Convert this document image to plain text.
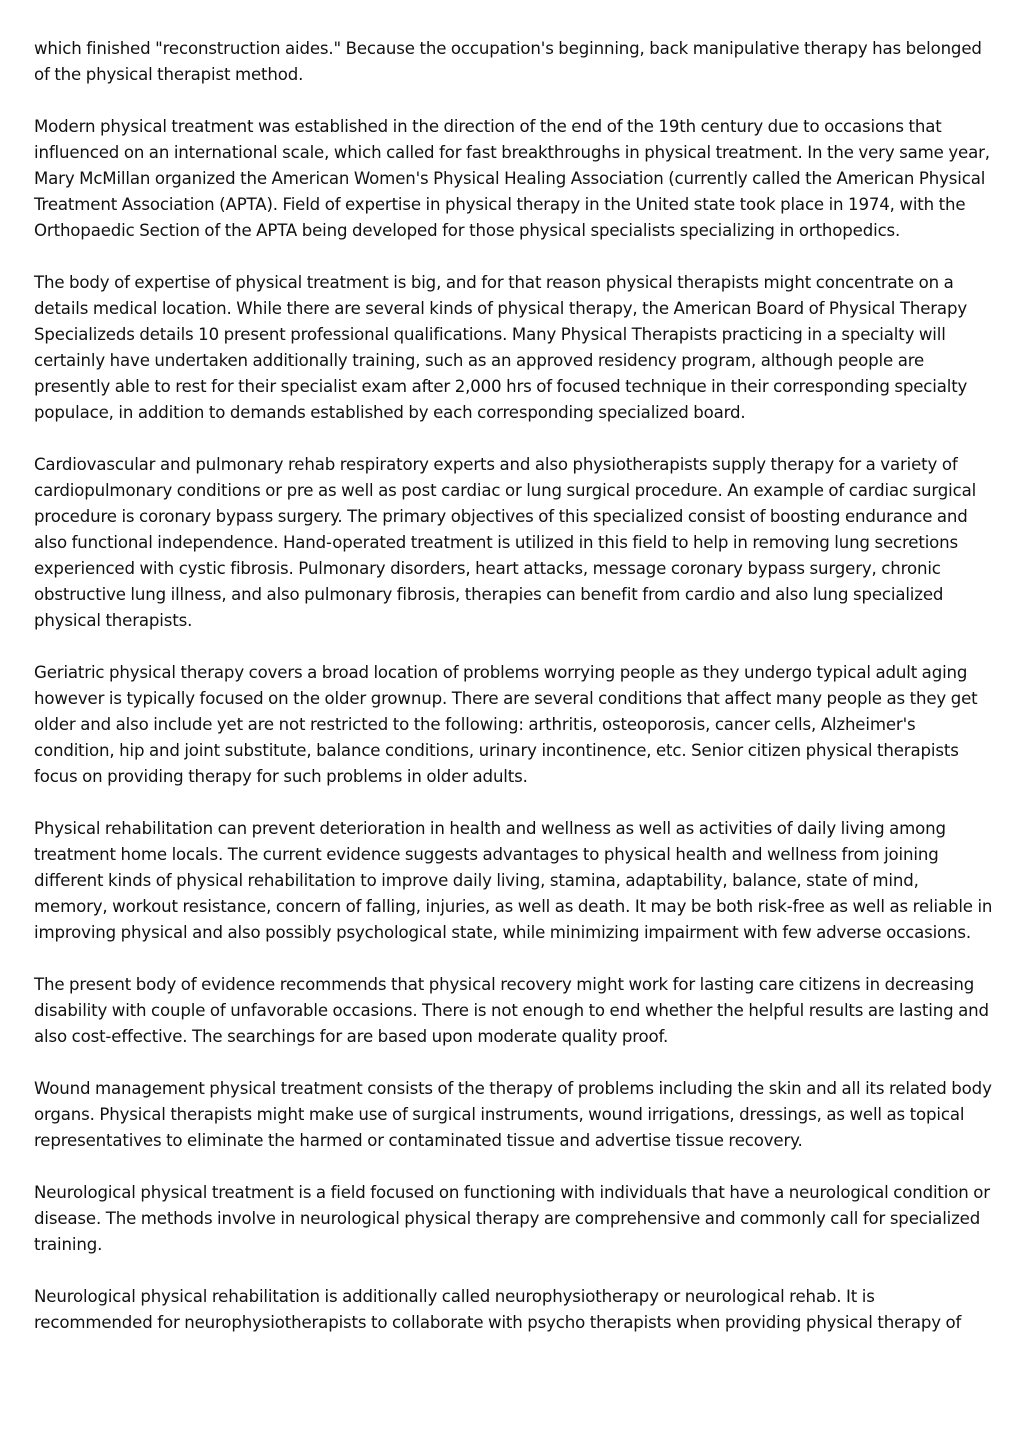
which finished "reconstruction aides." Because the occupation's beginning, back manipulative therapy has belonged of the physical therapist method.

Modern physical treatment was established in the direction of the end of the 19th century due to occasions that influenced on an international scale, which called for fast breakthroughs in physical treatment. In the very same year, Mary McMillan organized the American Women's Physical Healing Association (currently called the American Physical Treatment Association (APTA). Field of expertise in physical therapy in the United state took place in 1974, with the Orthopaedic Section of the APTA being developed for those physical specialists specializing in orthopedics.

The body of expertise of physical treatment is big, and for that reason physical therapists might concentrate on a details medical location. While there are several kinds of physical therapy, the American Board of Physical Therapy Specializeds details 10 present professional qualifications. Many Physical Therapists practicing in a specialty will certainly have undertaken additionally training, such as an approved residency program, although people are presently able to rest for their specialist exam after 2,000 hrs of focused technique in their corresponding specialty populace, in addition to demands established by each corresponding specialized board.

Cardiovascular and pulmonary rehab respiratory experts and also physiotherapists supply therapy for a variety of cardiopulmonary conditions or pre as well as post cardiac or lung surgical procedure. An example of cardiac surgical procedure is coronary bypass surgery. The primary objectives of this specialized consist of boosting endurance and also functional independence. Hand-operated treatment is utilized in this field to help in removing lung secretions experienced with cystic fibrosis. Pulmonary disorders, heart attacks, message coronary bypass surgery, chronic obstructive lung illness, and also pulmonary fibrosis, therapies can benefit from cardio and also lung specialized physical therapists.

Geriatric physical therapy covers a broad location of problems worrying people as they undergo typical adult aging however is typically focused on the older grownup. There are several conditions that affect many people as they get older and also include yet are not restricted to the following: arthritis, osteoporosis, cancer cells, Alzheimer's condition, hip and joint substitute, balance conditions, urinary incontinence, etc. Senior citizen physical therapists focus on providing therapy for such problems in older adults.

Physical rehabilitation can prevent deterioration in health and wellness as well as activities of daily living among treatment home locals. The current evidence suggests advantages to physical health and wellness from joining different kinds of physical rehabilitation to improve daily living, stamina, adaptability, balance, state of mind, memory, workout resistance, concern of falling, injuries, as well as death. It may be both risk-free as well as reliable in improving physical and also possibly psychological state, while minimizing impairment with few adverse occasions.

The present body of evidence recommends that physical recovery might work for lasting care citizens in decreasing disability with couple of unfavorable occasions. There is not enough to end whether the helpful results are lasting and also cost-effective. The searchings for are based upon moderate quality proof.

Wound management physical treatment consists of the therapy of problems including the skin and all its related body organs. Physical therapists might make use of surgical instruments, wound irrigations, dressings, as well as topical representatives to eliminate the harmed or contaminated tissue and advertise tissue recovery.

Neurological physical treatment is a field focused on functioning with individuals that have a neurological condition or disease. The methods involve in neurological physical therapy are comprehensive and commonly call for specialized training.

Neurological physical rehabilitation is additionally called neurophysiotherapy or neurological rehab. It is recommended for neurophysiotherapists to collaborate with psycho therapists when providing physical therapy of
